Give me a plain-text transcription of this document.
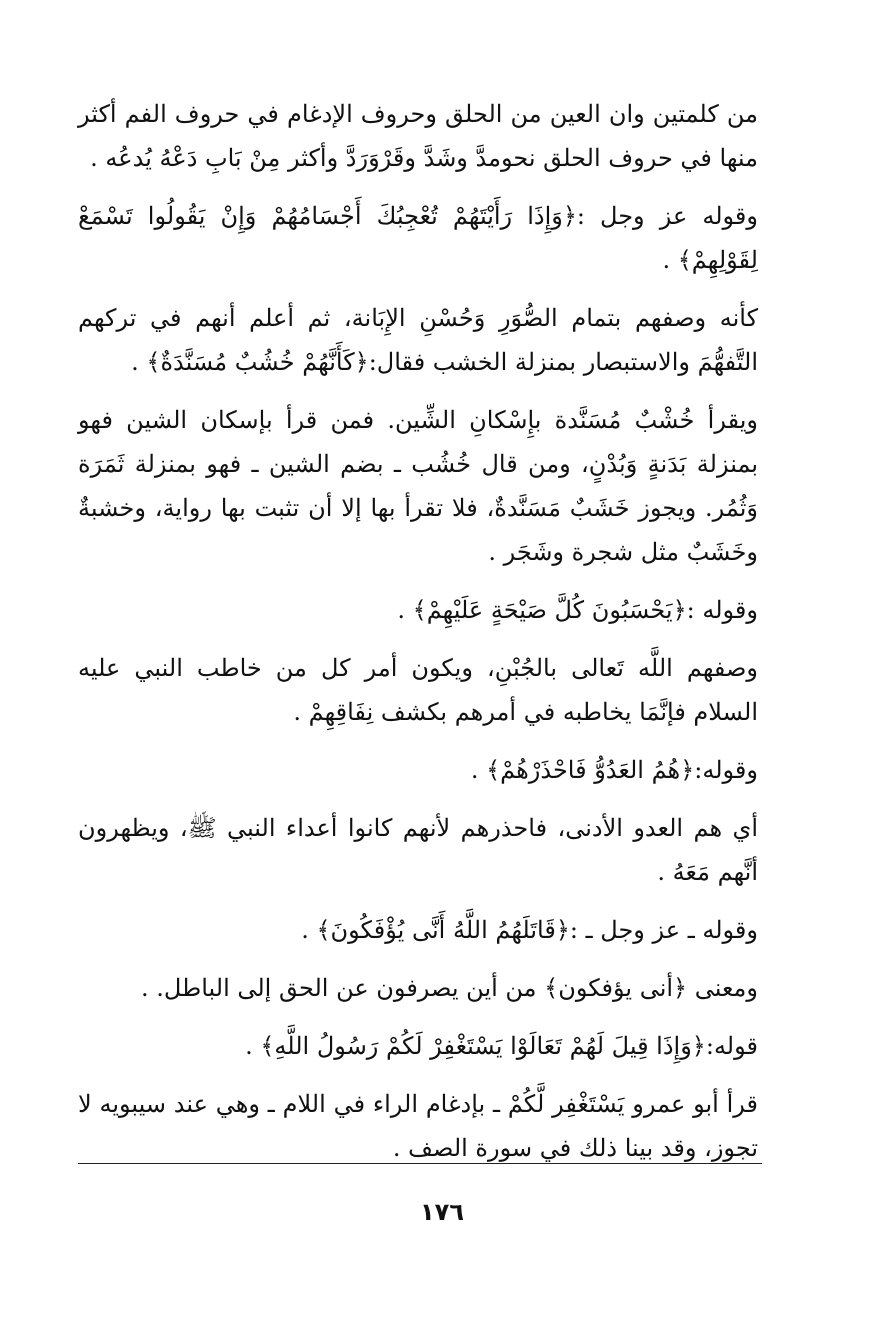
من كلمتين وان العين من الحلق وحروف الإدغام في حروف الفم أكثر منها في حروف الحلق نحومدَّ وشَدَّ وقَرْوَرَدَّ وأكثر مِنْ بَابِ دَعْهُ يُدعُه .

وقوله عز وجل :﴿وَإِذَا رَأَيْتَهُمْ تُعْجِبُكَ أَجْسَامُهُمْ وَإِنْ يَقُولُوا تَسْمَعْ لِقَوْلِهِمْ﴾ .

كأنه وصفهم بتمام الصُّوَرِ وَحُسْنِ الإِبَانة، ثم أعلم أنهم في تركهم التَّفهُّمَ والاستبصار بمنزلة الخشب فقال:﴿كَأَنَّهُمْ خُشُبٌ مُسَنَّدَةٌ﴾ .

ويقرأ خُشْبٌ مُسَنَّدة بإِسْكانِ الشِّين. فمن قرأ بإسكان الشين فهو بمنزلة بَدَنةٍ وَبُدْنٍ، ومن قال خُشُب ـ بضم الشين ـ فهو بمنزلة ثَمَرَة وَثُمُر. ويجوز خَشَبٌ مَسَنَّدةٌ، فلا تقرأ بها إلا أن تثبت بها رواية، وخشبةٌ وخَشَبٌ مثل شجرة وشَجَر .

وقوله :﴿يَحْسَبُونَ كُلَّ صَيْحَةٍ عَلَيْهِمْ﴾ .

وصفهم اللَّه تَعالى بالجُبْنِ، ويكون أمر كل من خاطب النبي عليه السلام فإنَّمَا يخاطبه في أمرهم بكشف نِفَاقِهِمْ .

وقوله:﴿هُمُ العَدُوُّ فَاحْذَرْهُمْ﴾ .

أي هم العدو الأدنى، فاحذرهم لأنهم كانوا أعداء النبي ﷺ، ويظهرون أنَّهم مَعَهُ .

وقوله ـ عز وجل ـ :﴿قَاتَلَهُمُ اللَّهُ أَنَّى يُؤْفَكُونَ﴾ .

ومعنى ﴿أنى يؤفكون﴾ من أين يصرفون عن الحق إلى الباطل. .

قوله:﴿وَإِذَا قِيلَ لَهُمْ تَعَالَوْا يَسْتَغْفِرْ لَكُمْ رَسُولُ اللَّهِ﴾ .

قرأ أبو عمرو يَسْتَغْفِر لَّكُمْ ـ بإدغام الراء في اللام ـ وهي عند سيبويه لا تجوز، وقد بينا ذلك في سورة الصف .

١٧٦
